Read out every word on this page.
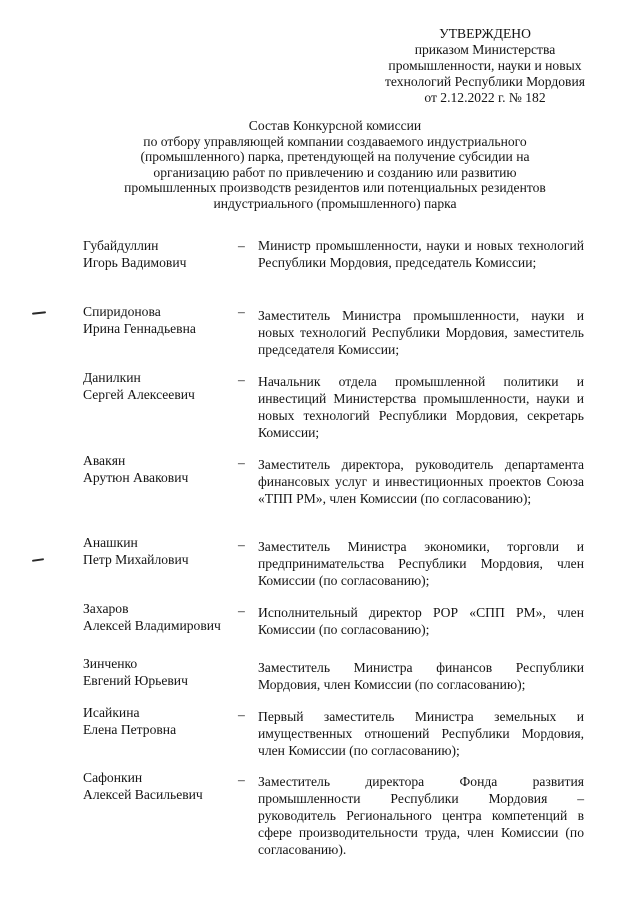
УТВЕРЖДЕНО
приказом Министерства
промышленности, науки и новых
технологий Республики Мордовия
от 2.12.2022 г. № 182
Состав Конкурсной комиссии
по отбору управляющей компании создаваемого индустриального
(промышленного) парка, претендующей на получение субсидии на
организацию работ по привлечению и созданию или развитию
промышленных производств резидентов или потенциальных резидентов
индустриального (промышленного) парка
Губайдуллин
Игорь Вадимович
– Министр промышленности, науки и новых технологий Республики Мордовия, председатель Комиссии;
Спиридонова
Ирина Геннадьевна
– Заместитель Министра промышленности, науки и новых технологий Республики Мордовия, заместитель председателя Комиссии;
Данилкин
Сергей Алексеевич
– Начальник отдела промышленной политики и инвестиций Министерства промышленности, науки и новых технологий Республики Мордовия, секретарь Комиссии;
Авакян
Арутюн Авакович
– Заместитель директора, руководитель департамента финансовых услуг и инвестиционных проектов Союза «ТПП РМ», член Комиссии (по согласованию);
Анашкин
Петр Михайлович
– Заместитель Министра экономики, торговли и предпринимательства Республики Мордовия, член Комиссии (по согласованию);
Захаров
Алексей Владимирович
– Исполнительный директор РОР «СПП РМ», член Комиссии (по согласованию);
Зинченко
Евгений Юрьевич
Заместитель Министра финансов Республики Мордовия, член Комиссии (по согласованию);
Исайкина
Елена Петровна
– Первый заместитель Министра земельных и имущественных отношений Республики Мордовия, член Комиссии (по согласованию);
Сафонкин
Алексей Васильевич
– Заместитель директора Фонда развития промышленности Республики Мордовия – руководитель Регионального центра компетенций в сфере производительности труда, член Комиссии (по согласованию).
